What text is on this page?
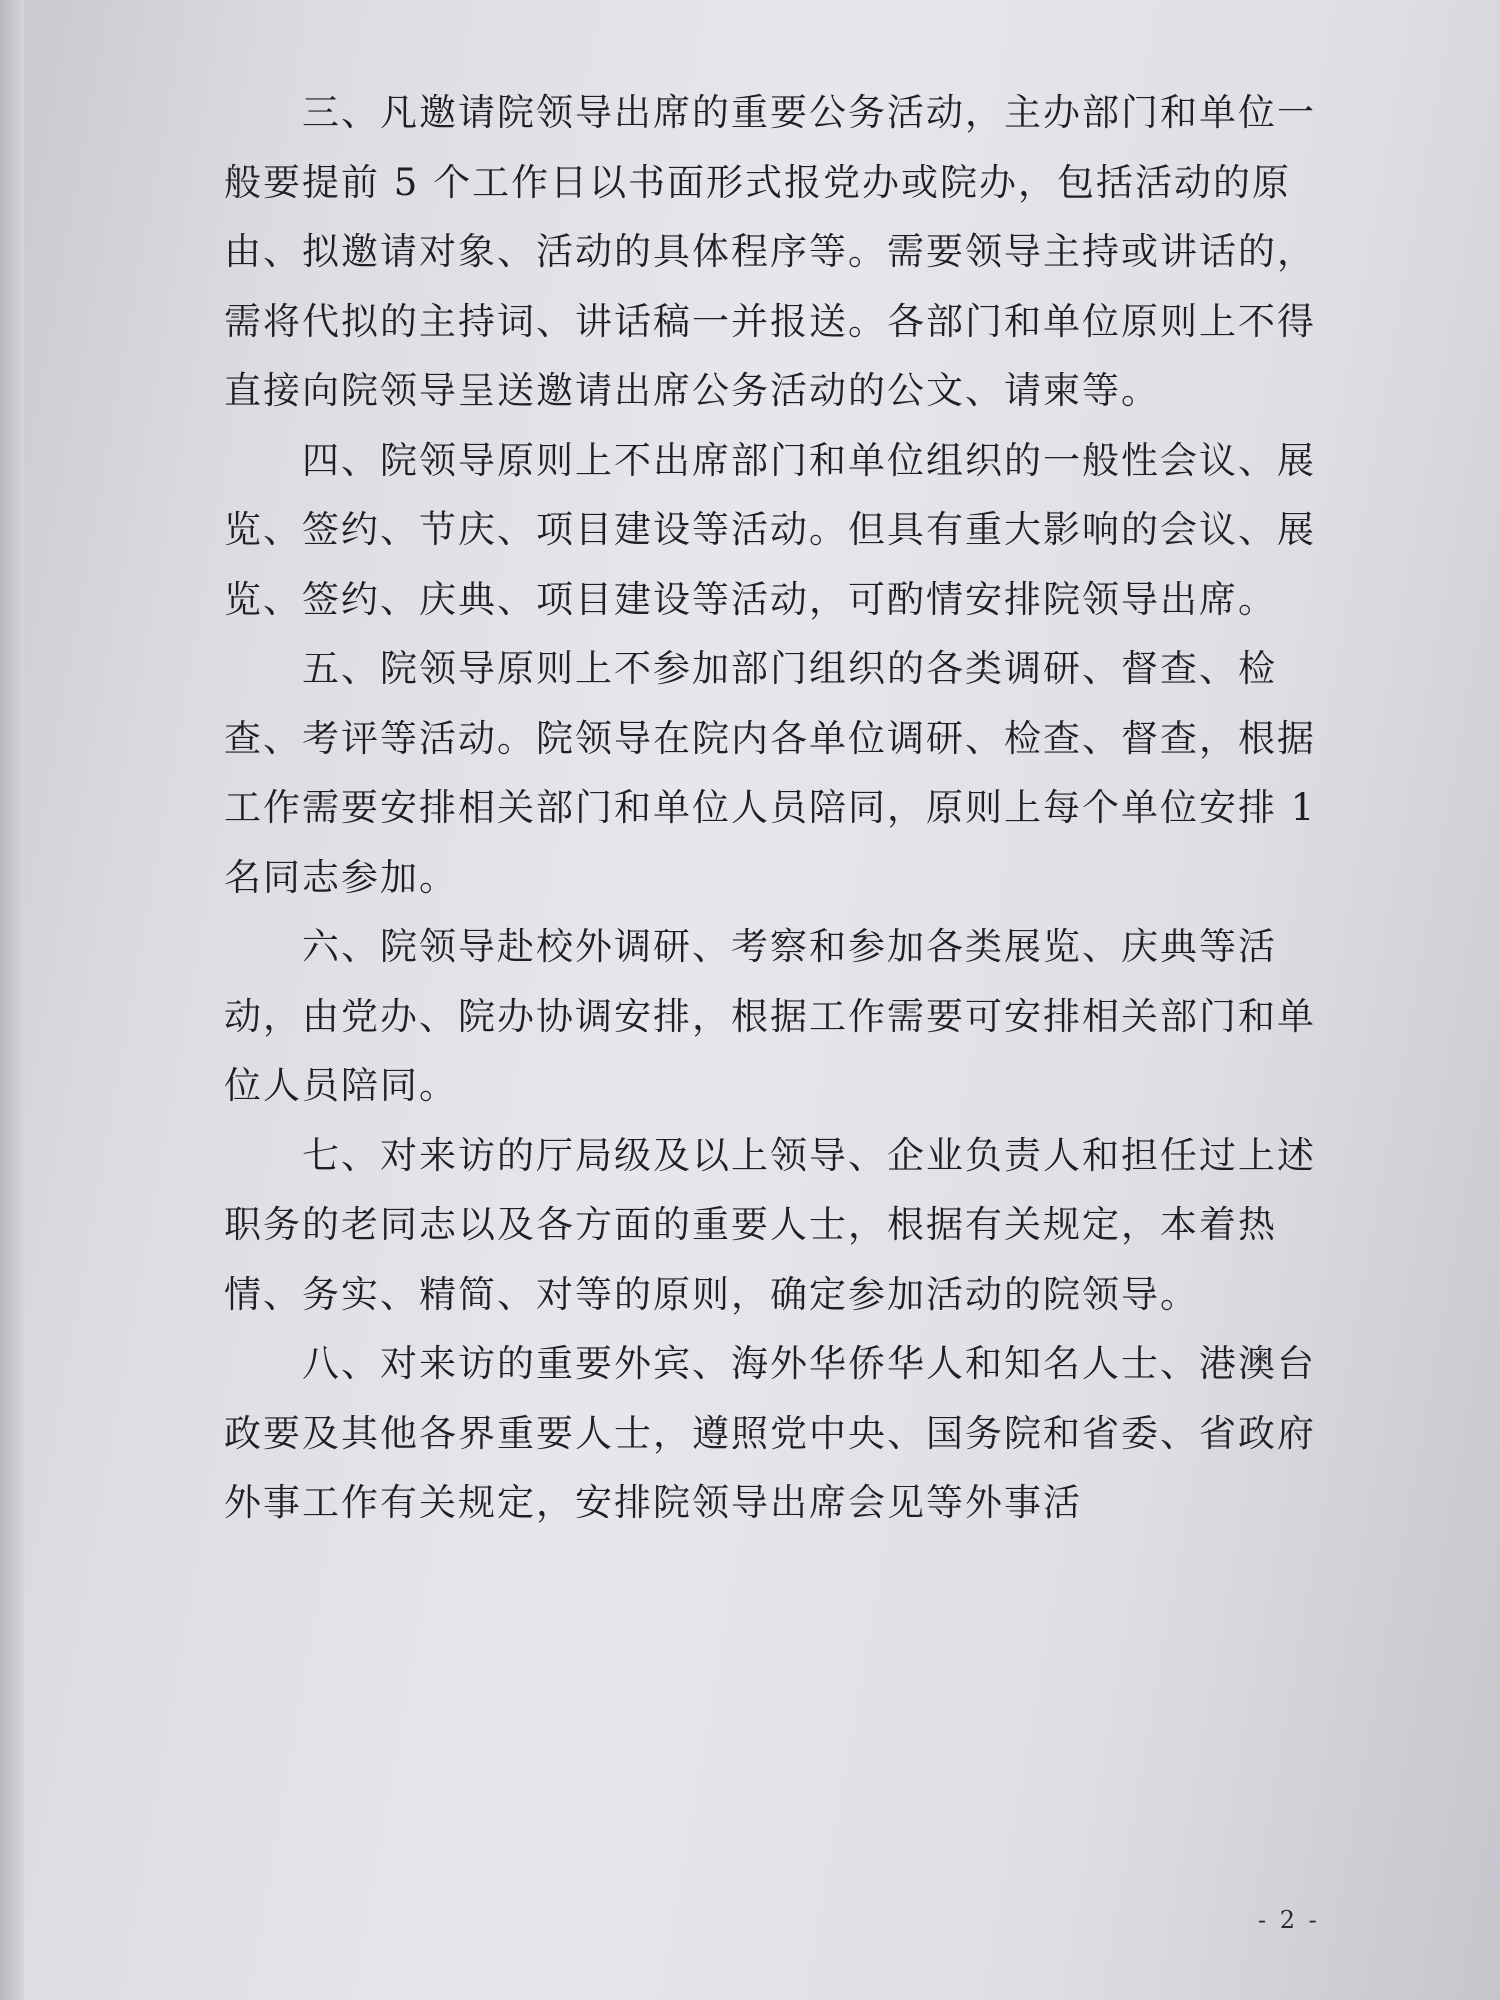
三、凡邀请院领导出席的重要公务活动，主办部门和单位一般要提前 5 个工作日以书面形式报党办或院办，包括活动的原由、拟邀请对象、活动的具体程序等。需要领导主持或讲话的，需将代拟的主持词、讲话稿一并报送。各部门和单位原则上不得直接向院领导呈送邀请出席公务活动的公文、请柬等。

四、院领导原则上不出席部门和单位组织的一般性会议、展览、签约、节庆、项目建设等活动。但具有重大影响的会议、展览、签约、庆典、项目建设等活动，可酌情安排院领导出席。

五、院领导原则上不参加部门组织的各类调研、督查、检查、考评等活动。院领导在院内各单位调研、检查、督查，根据工作需要安排相关部门和单位人员陪同，原则上每个单位安排 1 名同志参加。

六、院领导赴校外调研、考察和参加各类展览、庆典等活动，由党办、院办协调安排，根据工作需要可安排相关部门和单位人员陪同。

七、对来访的厅局级及以上领导、企业负责人和担任过上述职务的老同志以及各方面的重要人士，根据有关规定，本着热情、务实、精简、对等的原则，确定参加活动的院领导。

八、对来访的重要外宾、海外华侨华人和知名人士、港澳台政要及其他各界重要人士，遵照党中央、国务院和省委、省政府外事工作有关规定，安排院领导出席会见等外事活

- 2 -
